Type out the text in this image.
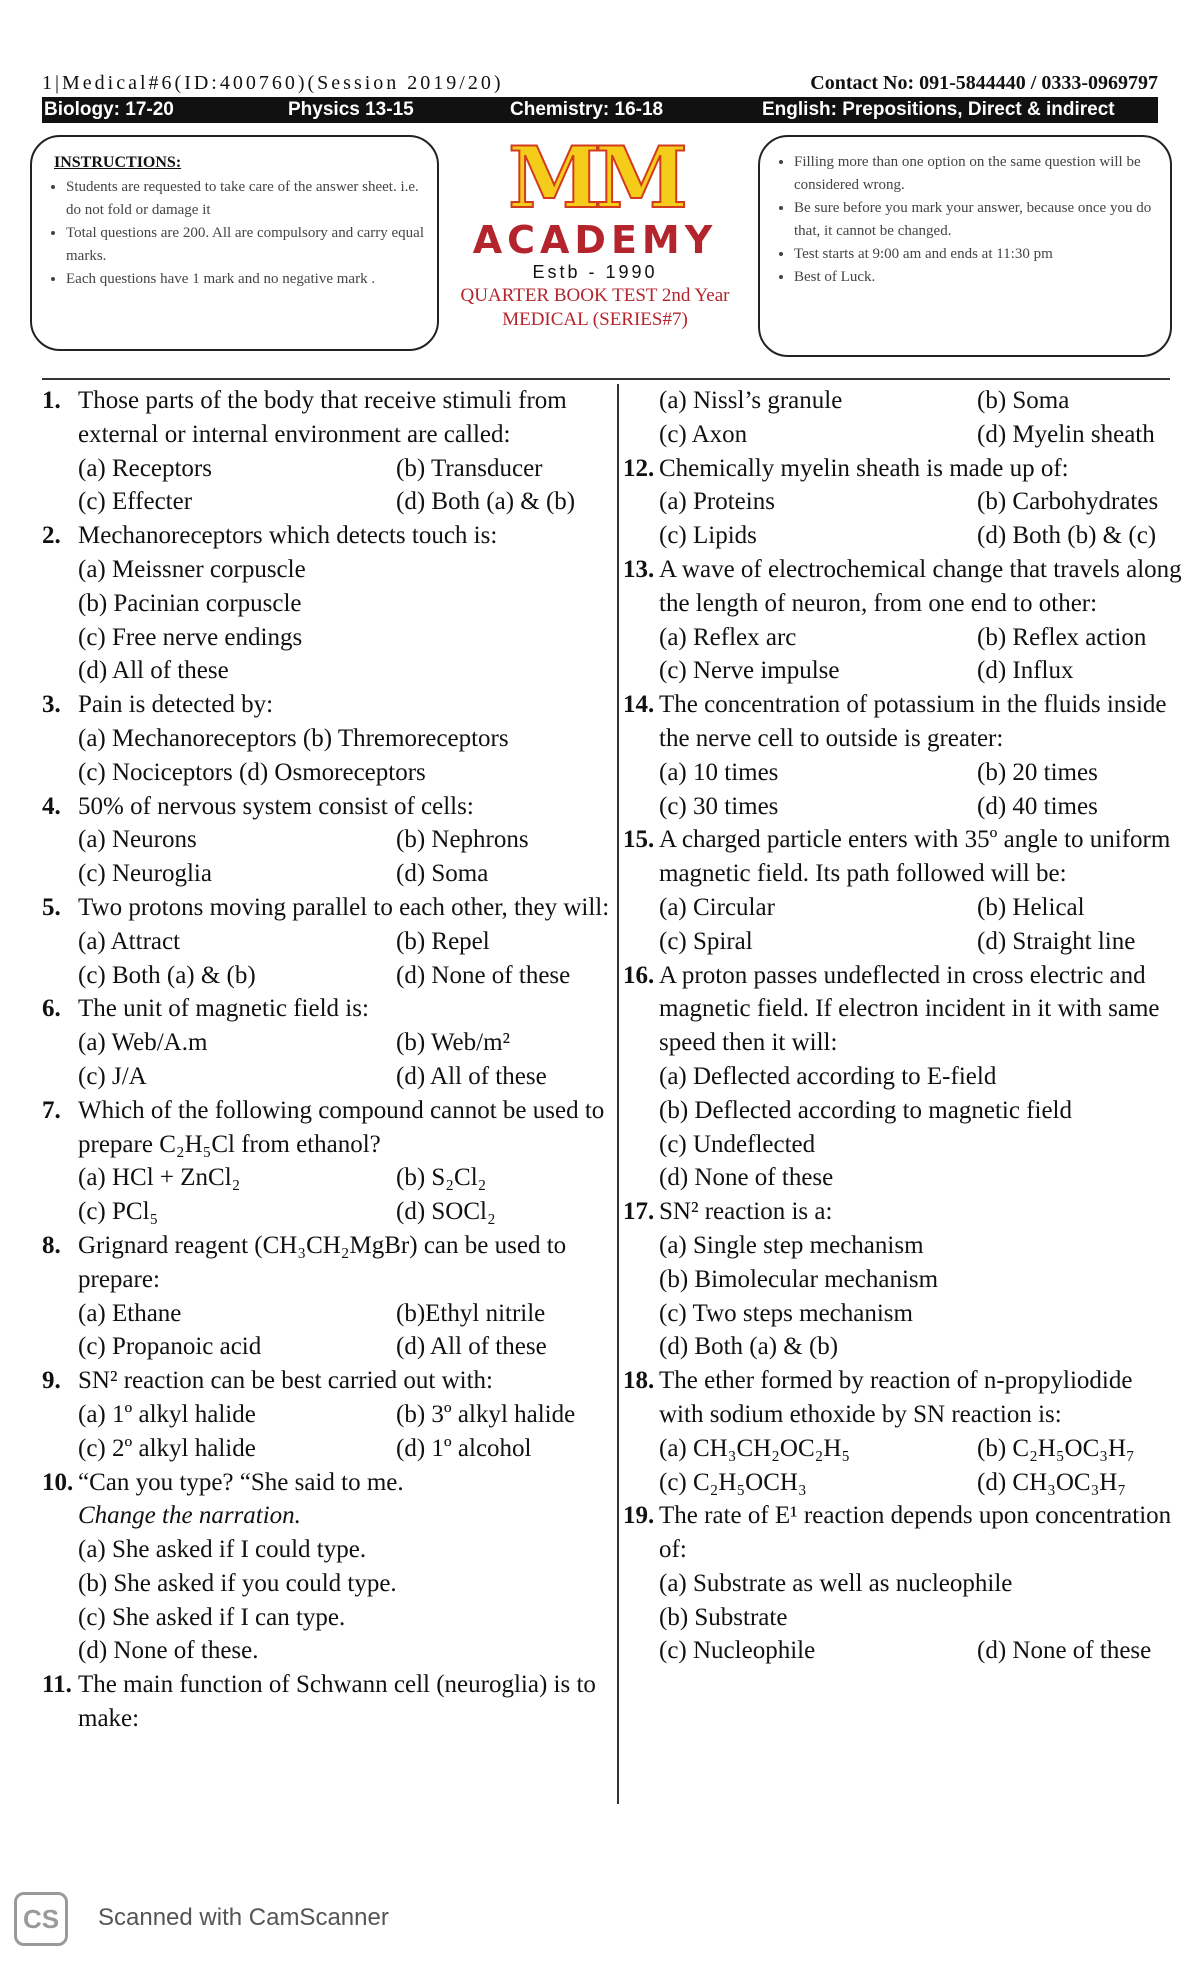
1|Medical#6(ID:400760)(Session 2019/20)	Contact No: 091-5844440 / 0333-0969797
Biology: 17-20	Physics 13-15	Chemistry: 16-18	English: Prepositions, Direct & indirect
INSTRUCTIONS:
• Students are requested to take care of the answer sheet. i.e. do not fold or damage it
• Total questions are 200. All are compulsory and carry equal marks.
• Each questions have 1 mark and no negative mark .
MM
ACADEMY
Estb - 1990
QUARTER BOOK TEST 2nd Year
MEDICAL (SERIES#7)
• Filling more than one option on the same question will be considered wrong.
• Be sure before you mark your answer, because once you do that, it cannot be changed.
• Test starts at 9:00 am and ends at 11:30 pm
• Best of Luck.
1. Those parts of the body that receive stimuli from external or internal environment are called:
(a) Receptors	(b) Transducer
(c) Effecter	(d) Both (a) & (b)
2. Mechanoreceptors which detects touch is:
(a) Meissner corpuscle
(b) Pacinian corpuscle
(c) Free nerve endings
(d) All of these
3. Pain is detected by:
(a) Mechanoreceptors (b) Thremoreceptors
(c) Nociceptors (d) Osmoreceptors
4. 50% of nervous system consist of cells:
(a) Neurons	(b) Nephrons
(c) Neuroglia	(d) Soma
5. Two protons moving parallel to each other, they will:
(a) Attract	(b) Repel
(c) Both (a) & (b)	(d) None of these
6. The unit of magnetic field is:
(a) Web/A.m	(b) Web/m²
(c) J/A	(d) All of these
7. Which of the following compound cannot be used to prepare C₂H₅Cl from ethanol?
(a) HCl + ZnCl₂	(b) S₂Cl₂
(c) PCl₅	(d) SOCl₂
8. Grignard reagent (CH₃CH₂MgBr) can be used to prepare:
(a) Ethane	(b)Ethyl nitrile
(c) Propanoic acid	(d) All of these
9. SN² reaction can be best carried out with:
(a) 1º alkyl halide	(b) 3º alkyl halide
(c) 2º alkyl halide	(d) 1º alcohol
10. “Can you type? “She said to me.
Change the narration.
(a) She asked if I could type.
(b) She asked if you could type.
(c) She asked if I can type.
(d) None of these.
11. The main function of Schwann cell (neuroglia) is to make:
(a) Nissl’s granule	(b) Soma
(c) Axon	(d) Myelin sheath
12. Chemically myelin sheath is made up of:
(a) Proteins	(b) Carbohydrates
(c) Lipids	(d) Both (b) & (c)
13. A wave of electrochemical change that travels along the length of neuron, from one end to other:
(a) Reflex arc	(b) Reflex action
(c) Nerve impulse	(d) Influx
14. The concentration of potassium in the fluids inside the nerve cell to outside is greater:
(a) 10 times	(b) 20 times
(c) 30 times	(d) 40 times
15. A charged particle enters with 35º angle to uniform magnetic field. Its path followed will be:
(a) Circular	(b) Helical
(c) Spiral	(d) Straight line
16. A proton passes undeflected in cross electric and magnetic field. If electron incident in it with same speed then it will:
(a) Deflected according to E-field
(b) Deflected according to magnetic field
(c) Undeflected
(d) None of these
17. SN² reaction is a:
(a) Single step mechanism
(b) Bimolecular mechanism
(c) Two steps mechanism
(d) Both (a) & (b)
18. The ether formed by reaction of n-propyliodide with sodium ethoxide by SN reaction is:
(a) CH₃CH₂OC₂H₅	(b) C₂H₅OC₃H₇
(c) C₂H₅OCH₃	(d) CH₃OC₃H₇
19. The rate of E¹ reaction depends upon concentration of:
(a) Substrate as well as nucleophile
(b) Substrate
(c) Nucleophile	(d) None of these
CS	Scanned with CamScanner
